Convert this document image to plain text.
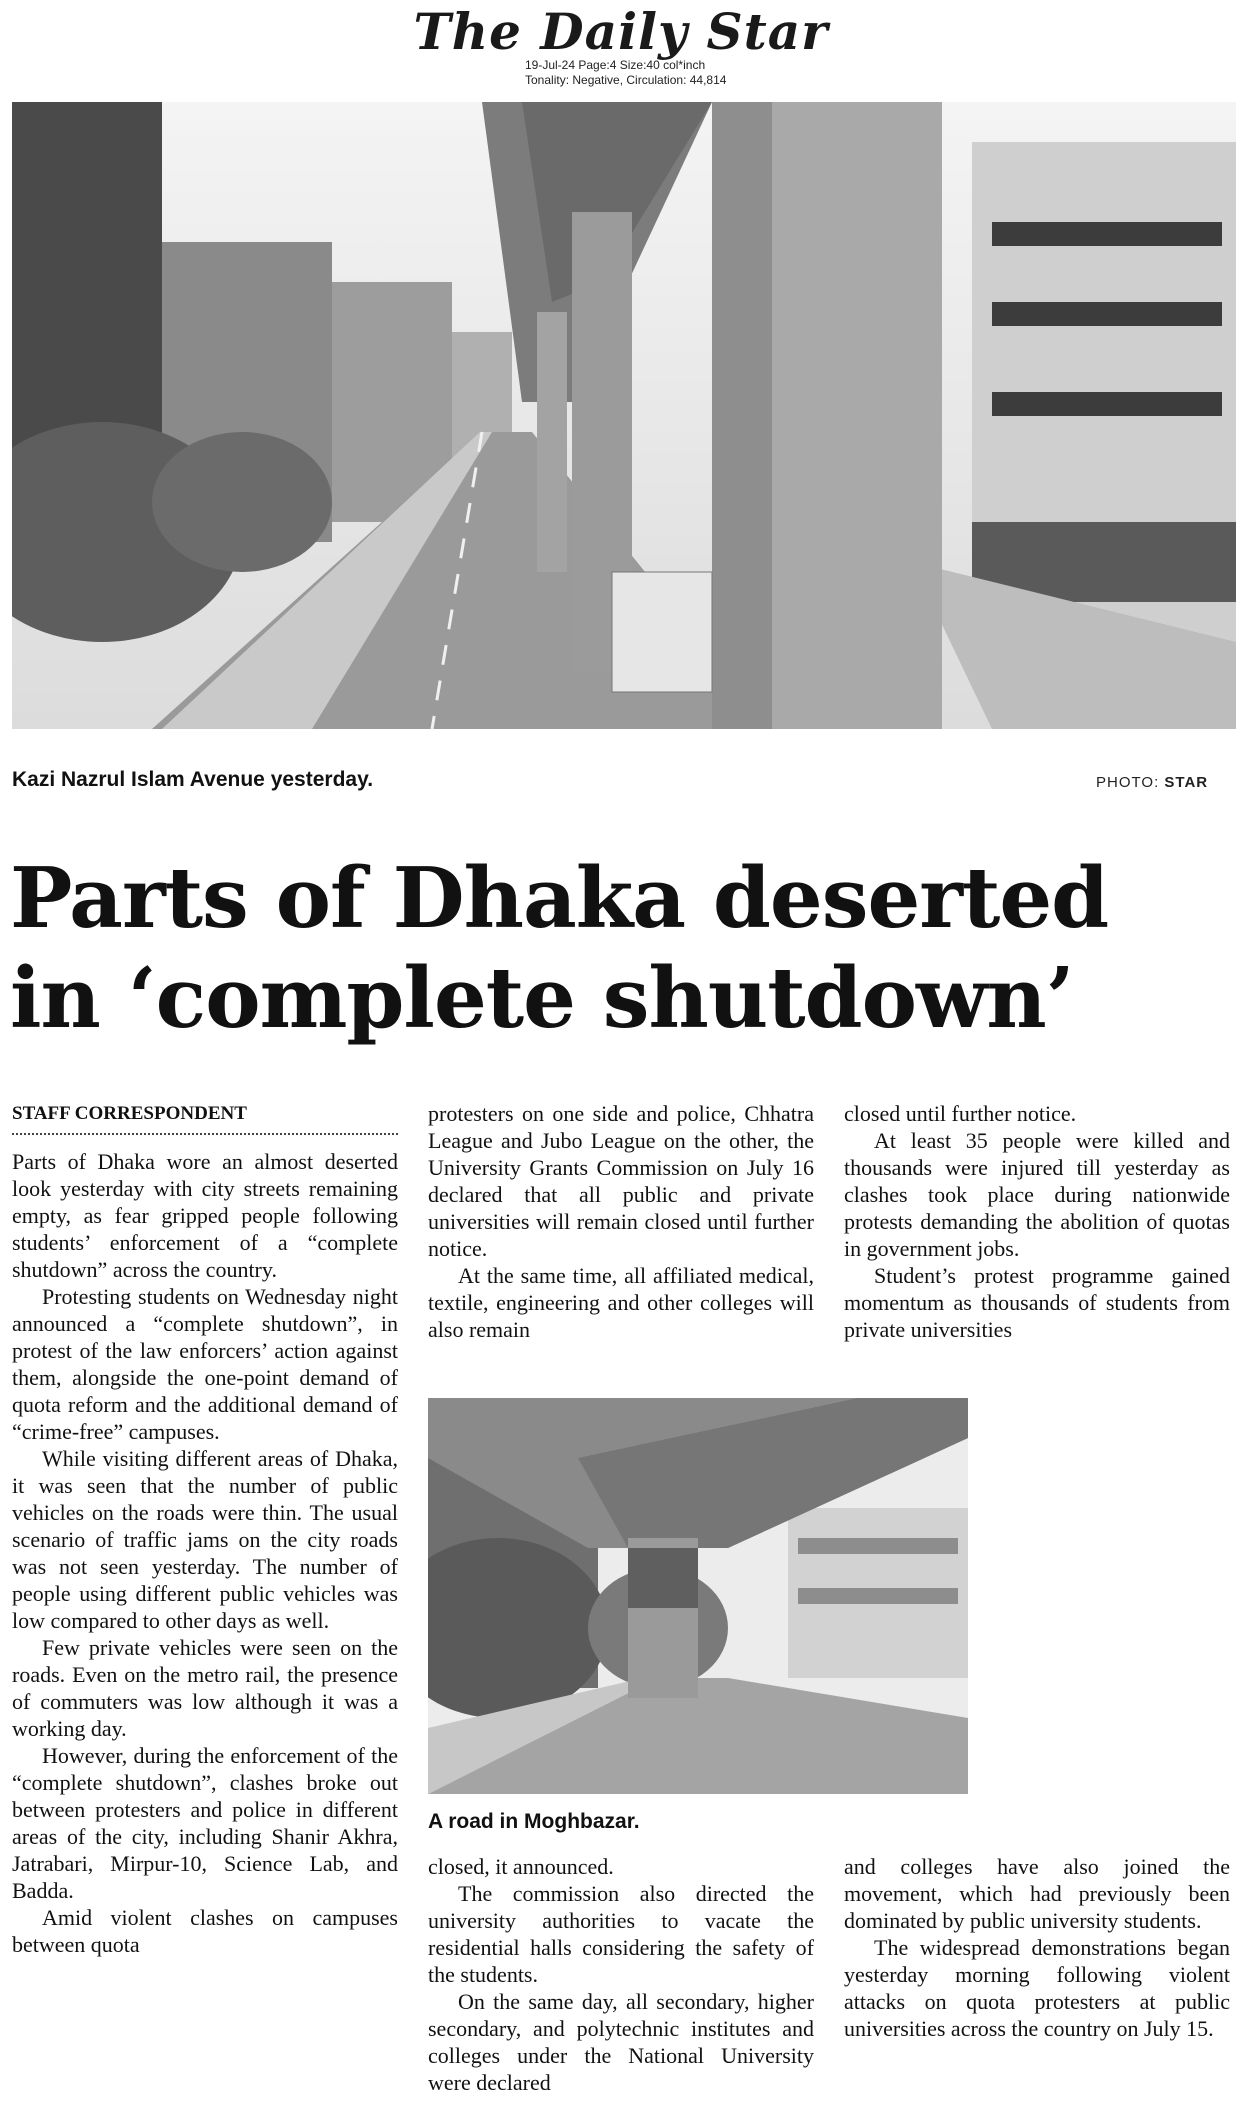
The Daily Star
19-Jul-24 Page:4 Size:40 col*inch
Tonality: Negative, Circulation: 44,814
Kazi Nazrul Islam Avenue yesterday.	PHOTO: STAR
Parts of Dhaka deserted
in ‘complete shutdown’
STAFF CORRESPONDENT

Parts of Dhaka wore an almost deserted look yesterday with city streets remaining empty, as fear gripped people following students’ enforcement of a “complete shutdown” across the country.

Protesting students on Wednesday night announced a “complete shutdown”, in protest of the law enforcers’ action against them, alongside the one-point demand of quota reform and the additional demand of “crime-free” campuses.

While visiting different areas of Dhaka, it was seen that the number of public vehicles on the roads were thin. The usual scenario of traffic jams on the city roads was not seen yesterday. The number of people using different public vehicles was low compared to other days as well.

Few private vehicles were seen on the roads. Even on the metro rail, the presence of commuters was low although it was a working day.

However, during the enforcement of the “complete shutdown”, clashes broke out between protesters and police in different areas of the city, including Shanir Akhra, Jatrabari, Mirpur-10, Science Lab, and Badda.

Amid violent clashes on campuses between quota

protesters on one side and police, Chhatra League and Jubo League on the other, the University Grants Commission on July 16 declared that all public and private universities will remain closed until further notice.

At the same time, all affiliated medical, textile, engineering and other colleges will also remain

closed until further notice.

At least 35 people were killed and thousands were injured till yesterday as clashes took place during nationwide protests demanding the abolition of quotas in government jobs.

Student’s protest programme gained momentum as thousands of students from private universities

A road in Moghbazar.

closed, it announced.

The commission also directed the university authorities to vacate the residential halls considering the safety of the students.

On the same day, all secondary, higher secondary, and polytechnic institutes and colleges under the National University were declared

and colleges have also joined the movement, which had previously been dominated by public university students.

The widespread demonstrations began yesterday morning following violent attacks on quota protesters at public universities across the country on July 15.
